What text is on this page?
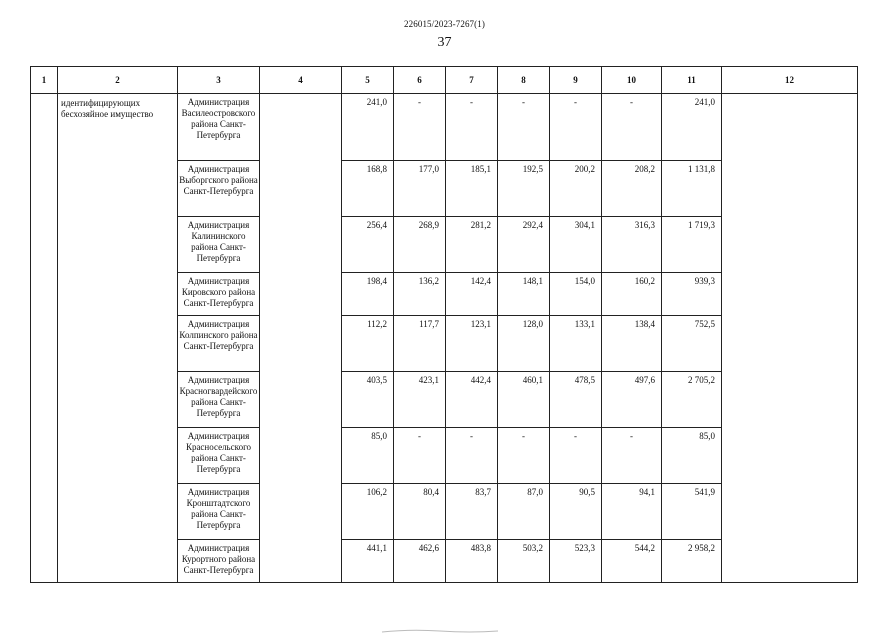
226015/2023-7267(1)
37
1	2	3	4	5	6	7	8	9	10	11	12
	идентифицирующих бесхозяйное имущество	Администрация Василеостровского района Санкт-Петербурга		241,0	-	-	-	-	-	241,0	
		Администрация Выборгского района Санкт-Петербурга		168,8	177,0	185,1	192,5	200,2	208,2	1 131,8	
		Администрация Калининского района Санкт-Петербурга		256,4	268,9	281,2	292,4	304,1	316,3	1 719,3	
		Администрация Кировского района Санкт-Петербурга		198,4	136,2	142,4	148,1	154,0	160,2	939,3	
		Администрация Колпинского района Санкт-Петербурга		112,2	117,7	123,1	128,0	133,1	138,4	752,5	
		Администрация Красногвардейского района Санкт-Петербурга		403,5	423,1	442,4	460,1	478,5	497,6	2 705,2	
		Администрация Красносельского района Санкт-Петербурга		85,0	-	-	-	-	-	85,0	
		Администрация Кронштадтского района Санкт-Петербурга		106,2	80,4	83,7	87,0	90,5	94,1	541,9	
		Администрация Курортного района Санкт-Петербурга		441,1	462,6	483,8	503,2	523,3	544,2	2 958,2	
